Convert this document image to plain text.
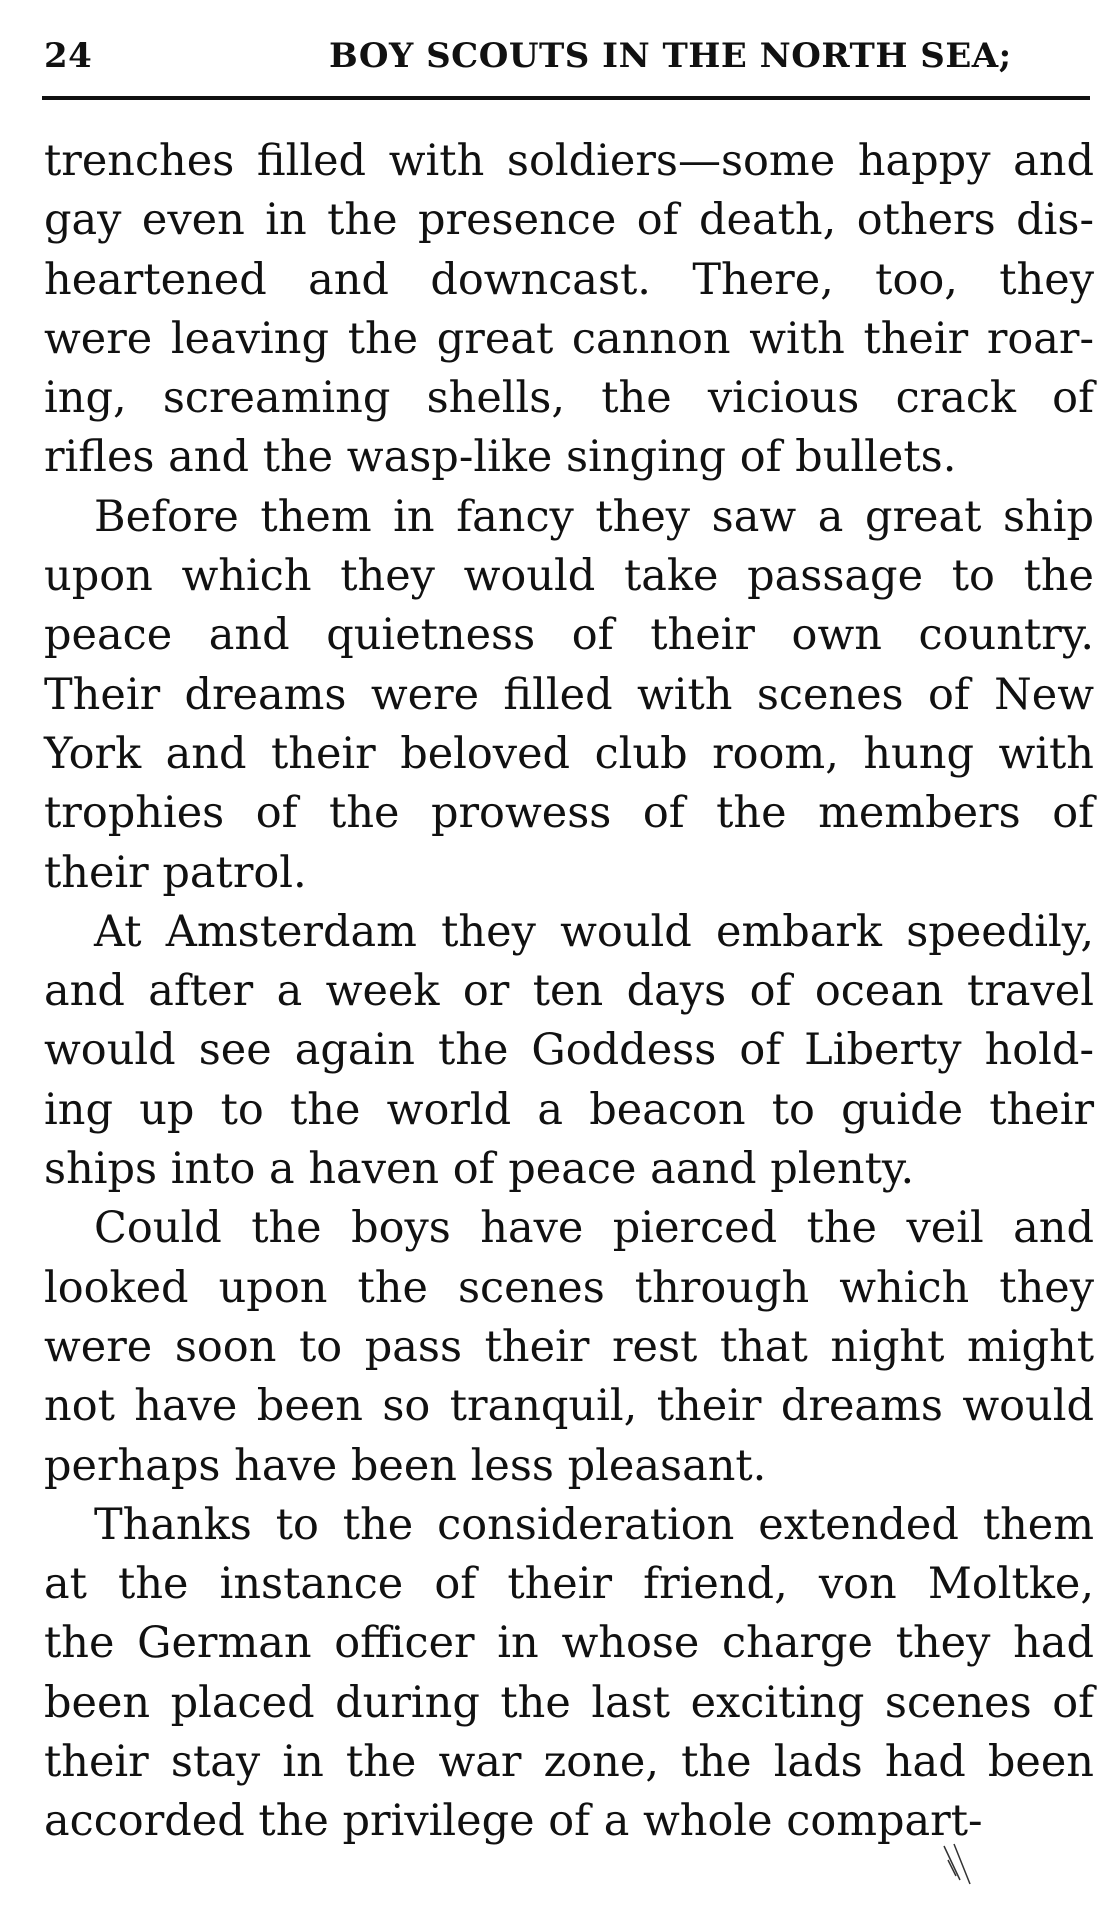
24	BOY SCOUTS IN THE NORTH SEA;
trenches filled with soldiers—some happy and
gay even in the presence of death, others dis-
heartened and downcast. There, too, they
were leaving the great cannon with their roar-
ing, screaming shells, the vicious crack of
rifles and the wasp-like singing of bullets.
Before them in fancy they saw a great ship
upon which they would take passage to the
peace and quietness of their own country.
Their dreams were filled with scenes of New
York and their beloved club room, hung with
trophies of the prowess of the members of
their patrol.
At Amsterdam they would embark speedily,
and after a week or ten days of ocean travel
would see again the Goddess of Liberty hold-
ing up to the world a beacon to guide their
ships into a haven of peace aand plenty.
Could the boys have pierced the veil and
looked upon the scenes through which they
were soon to pass their rest that night might
not have been so tranquil, their dreams would
perhaps have been less pleasant.
Thanks to the consideration extended them
at the instance of their friend, von Moltke,
the German officer in whose charge they had
been placed during the last exciting scenes of
their stay in the war zone, the lads had been
accorded the privilege of a whole compart-
